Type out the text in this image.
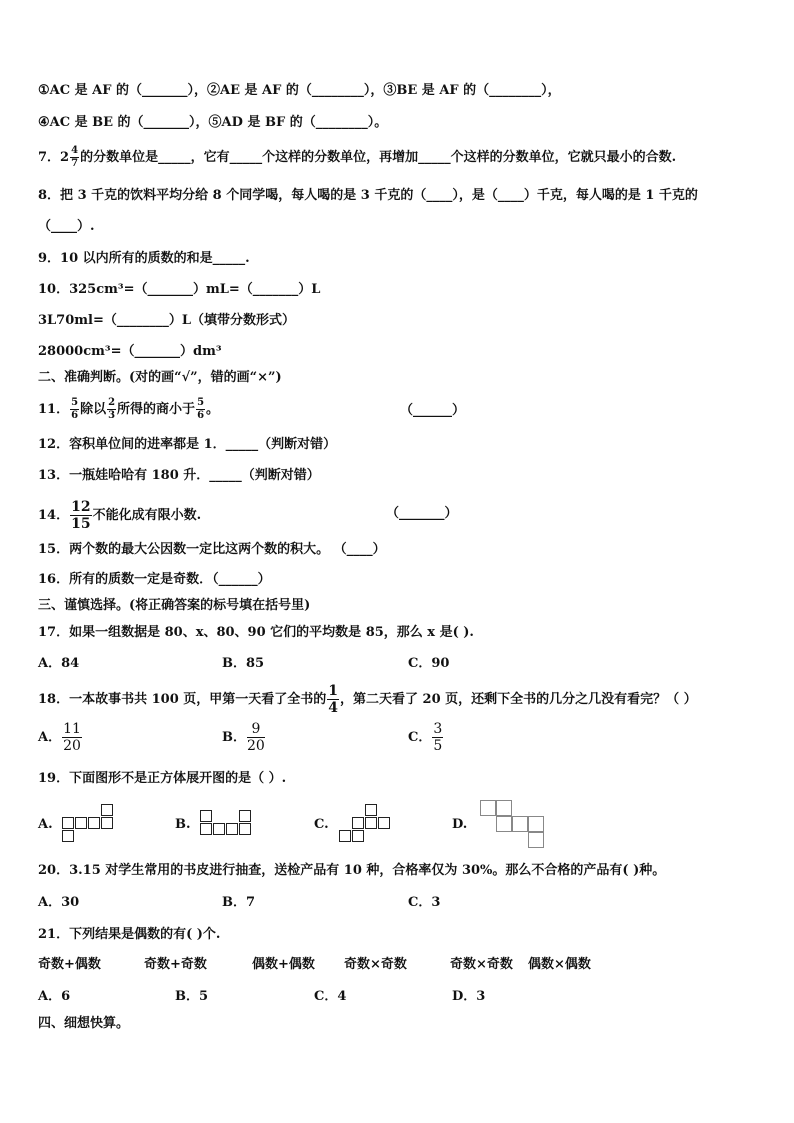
①AC 是 AF 的（_______），②AE 是 AF 的（________），③BE 是 AF 的（________），
④AC 是 BE 的（_______），⑤AD 是 BF 的（________）。
7．$2 \frac{4}{7}$ 的分数单位是_____，它有_____个这样的分数单位，再增加_____个这样的分数单位，它就只最小的合数.
8．把 3 千克的饮料平均分给 8 个同学喝，每人喝的是 3 千克的（____），是（____）千克，每人喝的是 1 千克的
（____）.
9．10 以内所有的质数的和是_____.
10．325cm³=（_______）mL=（_______）L
3L70ml=（________）L（填带分数形式）
28000cm³=（_______）dm³
二、准确判断。(对的画“√”，错的画“×”)
11． $\frac{5}{6}$ 除以 $\frac{2}{3}$ 所得的商小于 $\frac{5}{6}$ 。	（______）
12．容积单位间的进率都是 1．_____（判断对错）
13．一瓶娃哈哈有 180 升．_____（判断对错）
14． $\frac{12}{15}$ 不能化成有限小数.	（_______）
15．两个数的最大公因数一定比这两个数的积大。 （____）
16．所有的质数一定是奇数．（______）
三、谨慎选择。(将正确答案的标号填在括号里)
17．如果一组数据是 80、x、80、90 它们的平均数是 85，那么 x 是( ).
A．84	B．85	C．90
18．一本故事书共 100 页，甲第一天看了全书的 $\frac{1}{4}$ ，第二天看了 20 页，还剩下全书的几分之几没有看完？（ ）
A． $\frac{11}{20}$	B． $\frac{9}{20}$	C． $\frac{3}{5}$
19．下面图形不是正方体展开图的是（ ）.
A.	B.	C.	D.
20．3.15 对学生常用的书皮进行抽查，送检产品有 10 种，合格率仅为 30%。那么不合格的产品有( )种。
A．30	B．7	C．3
21．下列结果是偶数的有( )个.
奇数+偶数	奇数+奇数	偶数+偶数 奇数×奇数	奇数×奇数 偶数×偶数
A．6	B．5	C．4	D．3
四、细想快算。
